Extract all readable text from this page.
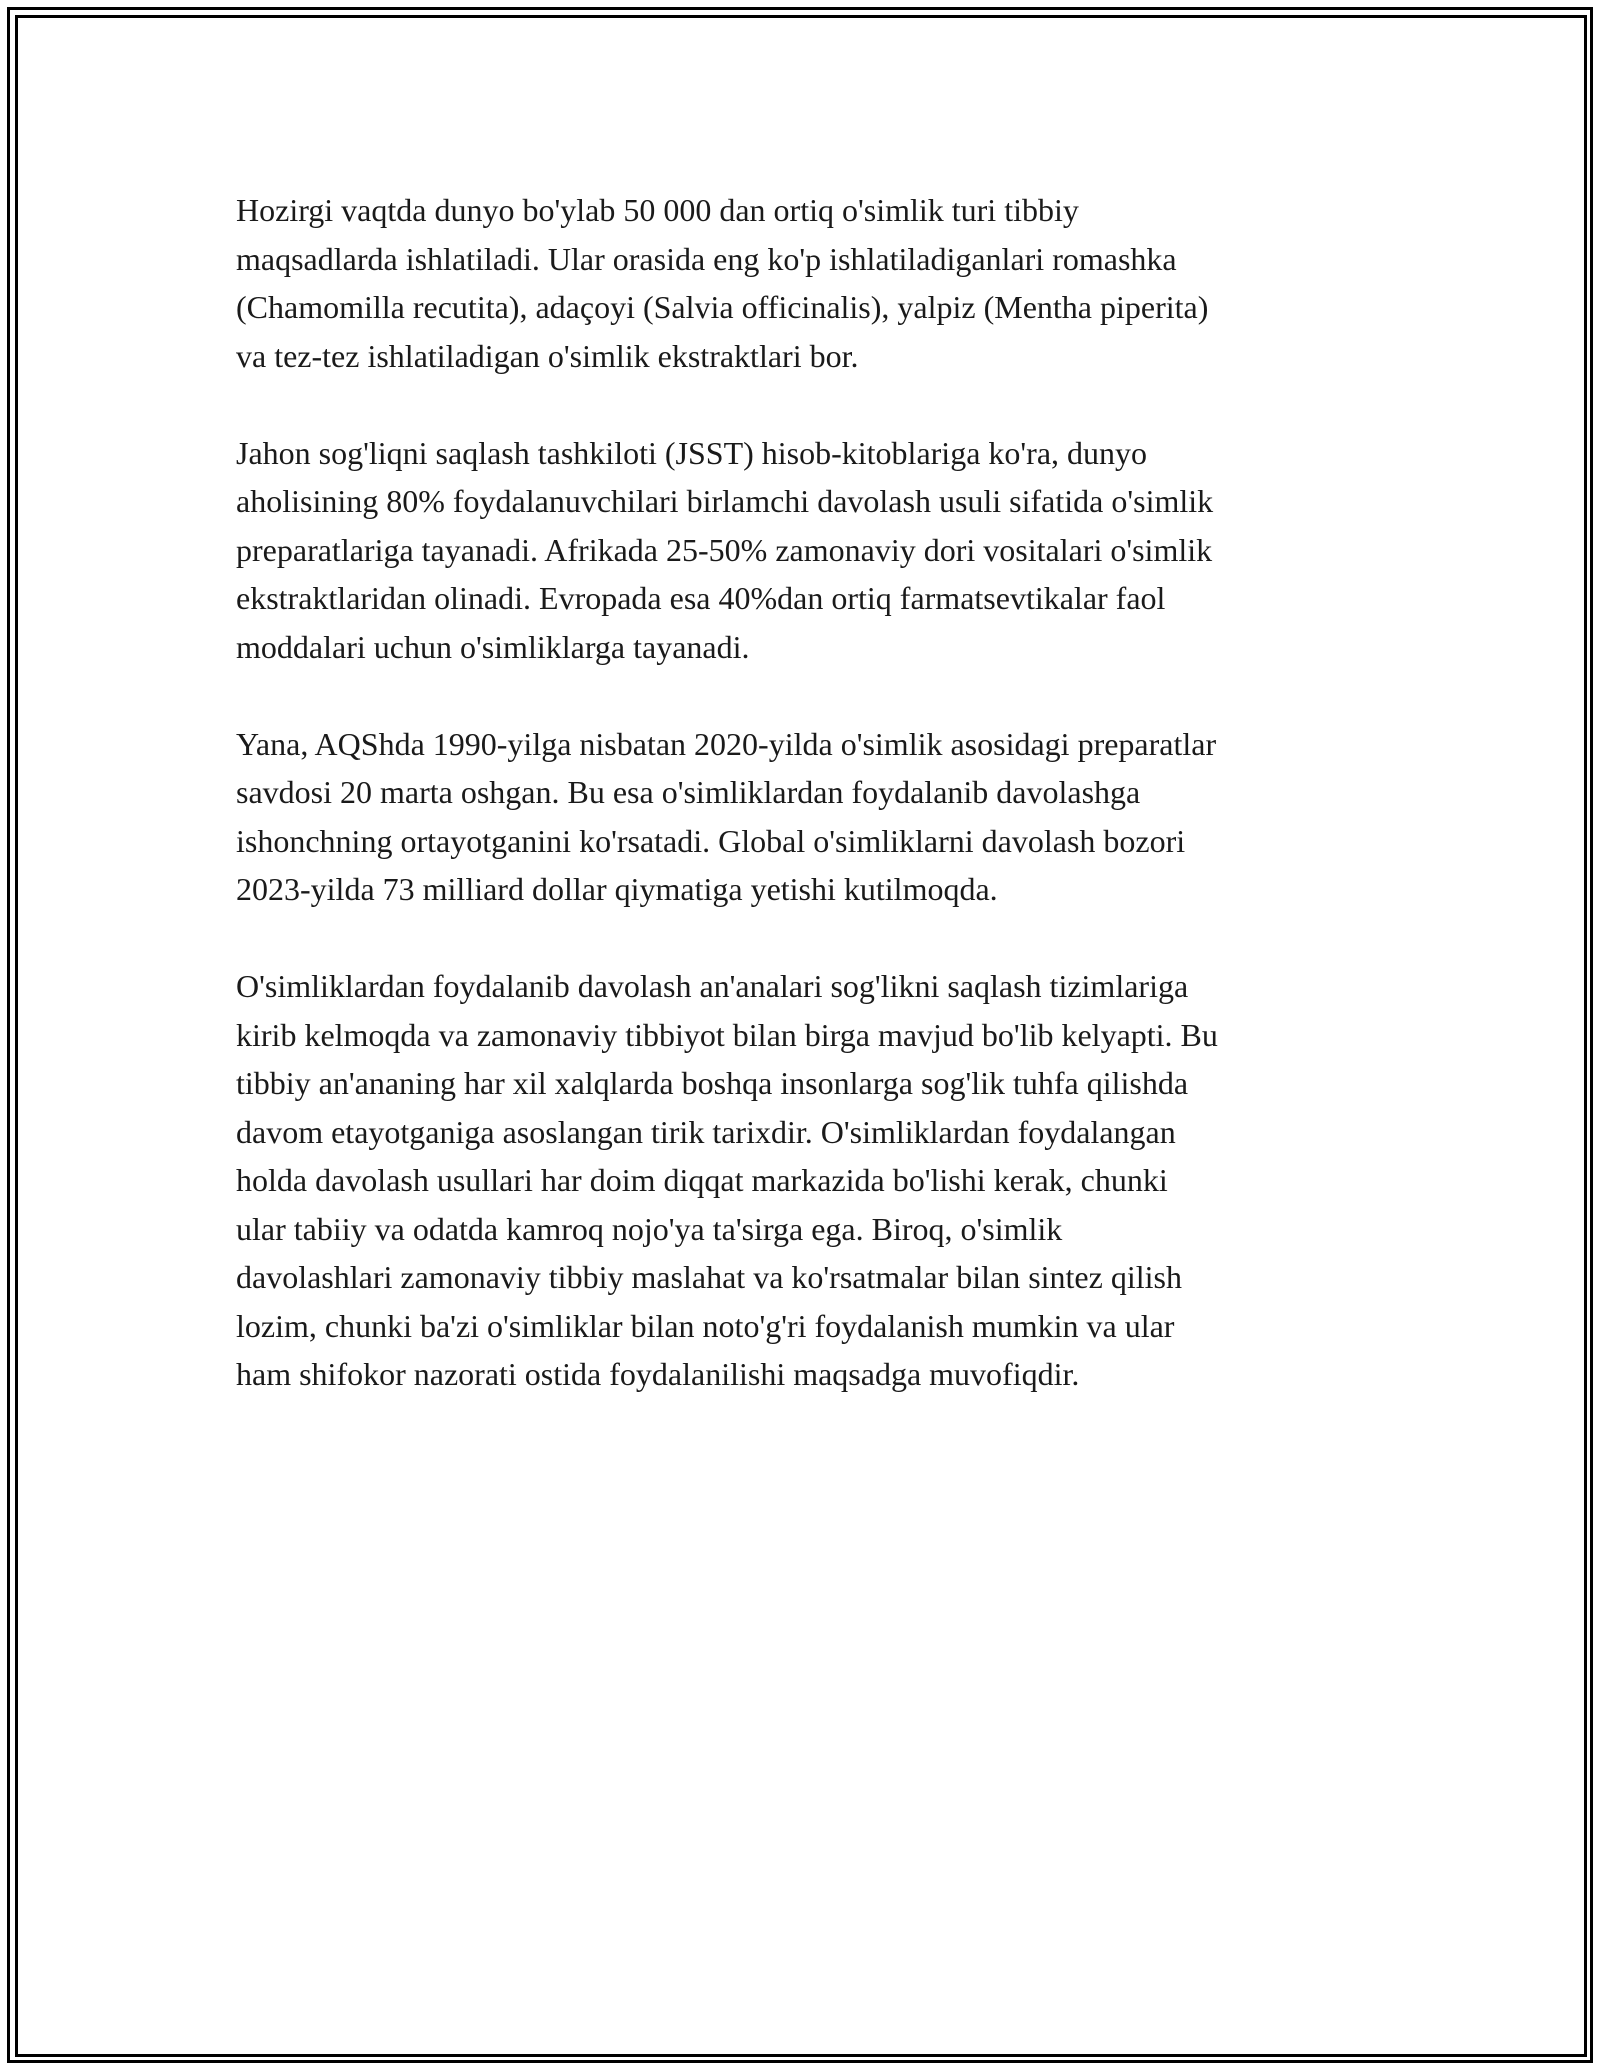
Hozirgi vaqtda dunyo bo'ylab 50 000 dan ortiq o'simlik turi tibbiy
maqsadlarda ishlatiladi. Ular orasida eng ko'p ishlatiladiganlari romashka
(Chamomilla recutita), adaçoyi (Salvia officinalis), yalpiz (Mentha piperita)
va tez-tez ishlatiladigan o'simlik ekstraktlari bor.

Jahon sog'liqni saqlash tashkiloti (JSST) hisob-kitoblariga ko'ra, dunyo
aholisining 80% foydalanuvchilari birlamchi davolash usuli sifatida o'simlik
preparatlariga tayanadi. Afrikada 25-50% zamonaviy dori vositalari o'simlik
ekstraktlaridan olinadi. Evropada esa 40%dan ortiq farmatsevtikalar faol
moddalari uchun o'simliklarga tayanadi.

Yana, AQShda 1990-yilga nisbatan 2020-yilda o'simlik asosidagi preparatlar
savdosi 20 marta oshgan. Bu esa o'simliklardan foydalanib davolashga
ishonchning ortayotganini ko'rsatadi. Global o'simliklarni davolash bozori
2023-yilda 73 milliard dollar qiymatiga yetishi kutilmoqda.

O'simliklardan foydalanib davolash an'analari sog'likni saqlash tizimlariga
kirib kelmoqda va zamonaviy tibbiyot bilan birga mavjud bo'lib kelyapti. Bu
tibbiy an'ananing har xil xalqlarda boshqa insonlarga sog'lik tuhfa qilishda
davom etayotganiga asoslangan tirik tarixdir. O'simliklardan foydalangan
holda davolash usullari har doim diqqat markazida bo'lishi kerak, chunki
ular tabiiy va odatda kamroq nojo'ya ta'sirga ega. Biroq, o'simlik
davolashlari zamonaviy tibbiy maslahat va ko'rsatmalar bilan sintez qilish
lozim, chunki ba'zi o'simliklar bilan noto'g'ri foydalanish mumkin va ular
ham shifokor nazorati ostida foydalanilishi maqsadga muvofiqdir.
